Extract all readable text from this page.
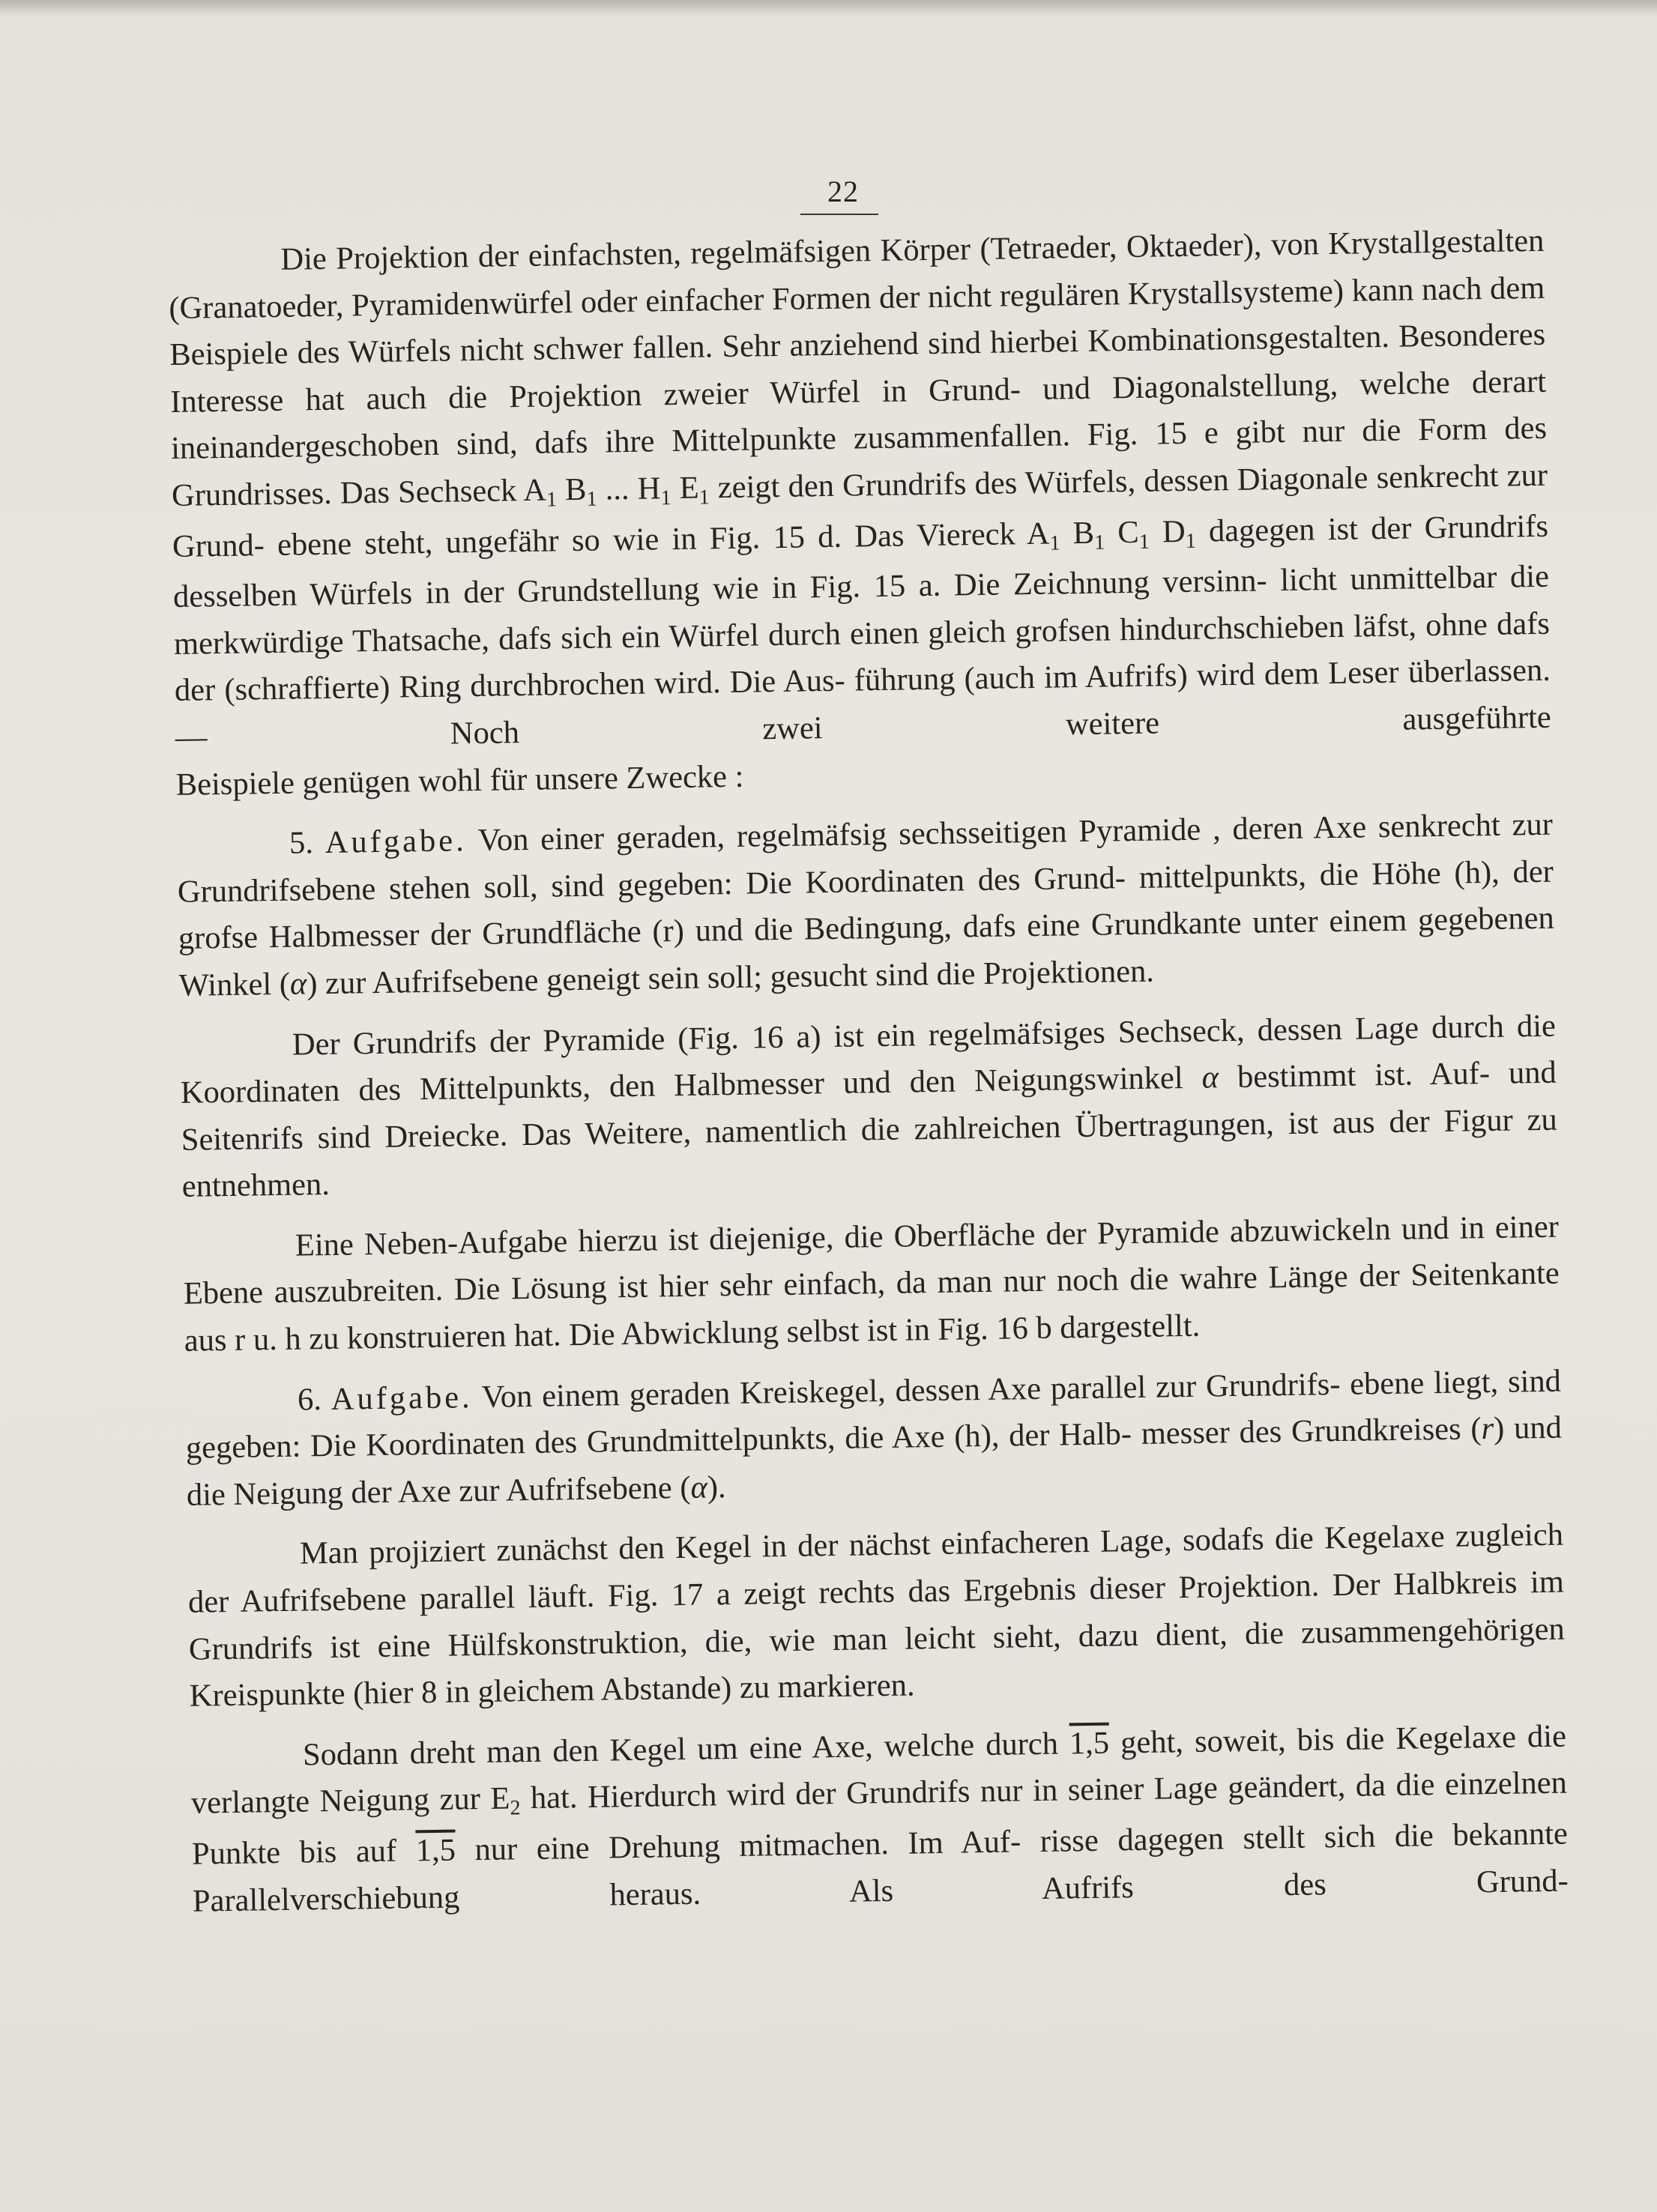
22

Die Projektion der einfachsten, regelmäfsigen Körper (Tetraeder, Oktaeder), von Krystallgestalten (Granatoeder, Pyramidenwürfel oder einfacher Formen der nicht regulären Krystallsysteme) kann nach dem Beispiele des Würfels nicht schwer fallen. Sehr anziehend sind hierbei Kombinationsgestalten. Besonderes Interesse hat auch die Projektion zweier Würfel in Grund- und Diagonalstellung, welche derart ineinandergeschoben sind, dafs ihre Mittelpunkte zusammenfallen. Fig. 15 e gibt nur die Form des Grundrisses. Das Sechseck A1 B1 ... H1 E1 zeigt den Grundrifs des Würfels, dessen Diagonale senkrecht zur Grund- ebene steht, ungefähr so wie in Fig. 15 d. Das Viereck A1 B1 C1 D1 dagegen ist der Grundrifs desselben Würfels in der Grundstellung wie in Fig. 15 a. Die Zeichnung versinn- licht unmittelbar die merkwürdige Thatsache, dafs sich ein Würfel durch einen gleich grofsen hindurchschieben läfst, ohne dafs der (schraffierte) Ring durchbrochen wird. Die Aus- führung (auch im Aufrifs) wird dem Leser überlassen. — Noch zwei weitere ausgeführte

Beispiele genügen wohl für unsere Zwecke :

5. Aufgabe. Von einer geraden, regelmäfsig sechsseitigen Pyramide , deren Axe senkrecht zur Grundrifsebene stehen soll, sind gegeben: Die Koordinaten des Grund- mittelpunkts, die Höhe (h), der grofse Halbmesser der Grundfläche (r) und die Bedingung, dafs eine Grundkante unter einem gegebenen Winkel (α) zur Aufrifsebene geneigt sein soll; gesucht sind die Projektionen.

Der Grundrifs der Pyramide (Fig. 16 a) ist ein regelmäfsiges Sechseck, dessen Lage durch die Koordinaten des Mittelpunkts, den Halbmesser und den Neigungswinkel α bestimmt ist. Auf- und Seitenrifs sind Dreiecke. Das Weitere, namentlich die zahlreichen Übertragungen, ist aus der Figur zu entnehmen.

Eine Neben-Aufgabe hierzu ist diejenige, die Oberfläche der Pyramide abzuwickeln und in einer Ebene auszubreiten. Die Lösung ist hier sehr einfach, da man nur noch die wahre Länge der Seitenkante aus r u. h zu konstruieren hat. Die Abwicklung selbst ist in Fig. 16 b dargestellt.

6. Aufgabe. Von einem geraden Kreiskegel, dessen Axe parallel zur Grundrifs- ebene liegt, sind gegeben: Die Koordinaten des Grundmittelpunkts, die Axe (h), der Halb- messer des Grundkreises (r) und die Neigung der Axe zur Aufrifsebene (α).

Man projiziert zunächst den Kegel in der nächst einfacheren Lage, sodafs die Kegelaxe zugleich der Aufrifsebene parallel läuft. Fig. 17 a zeigt rechts das Ergebnis dieser Projektion. Der Halbkreis im Grundrifs ist eine Hülfskonstruktion, die, wie man leicht sieht, dazu dient, die zusammengehörigen Kreispunkte (hier 8 in gleichem Abstande) zu markieren.

Sodann dreht man den Kegel um eine Axe, welche durch 1,5 geht, soweit, bis die Kegelaxe die verlangte Neigung zur E2 hat. Hierdurch wird der Grundrifs nur in seiner Lage geändert, da die einzelnen Punkte bis auf 1,5 nur eine Drehung mitmachen. Im Auf- risse dagegen stellt sich die bekannte Parallelverschiebung heraus. Als Aufrifs des Grund-
